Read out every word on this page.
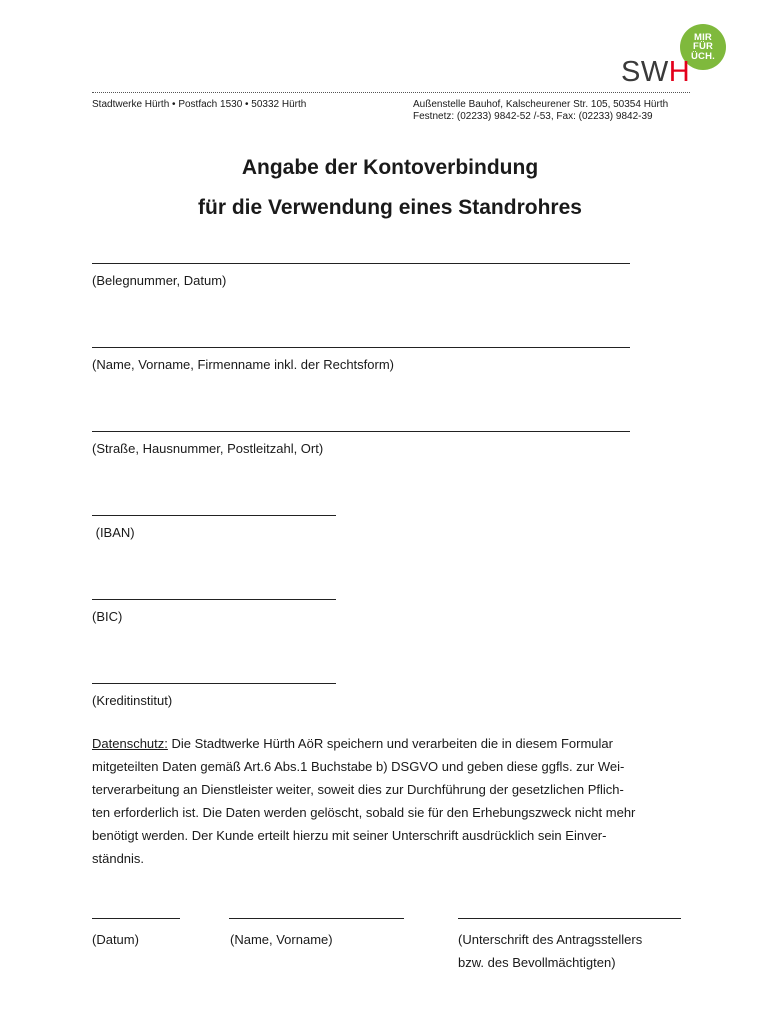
MIR
FÜR
ÜCH.
SWH
Stadtwerke Hürth • Postfach 1530 • 50332 Hürth	Außenstelle Bauhof, Kalscheurener Str. 105, 50354 Hürth
Festnetz: (02233) 9842-52 /-53, Fax: (02233) 9842-39
Angabe der Kontoverbindung
für die Verwendung eines Standrohres
(Belegnummer, Datum)
(Name, Vorname, Firmenname inkl. der Rechtsform)
(Straße, Hausnummer, Postleitzahl, Ort)
(IBAN)
(BIC)
(Kreditinstitut)
Datenschutz: Die Stadtwerke Hürth AöR speichern und verarbeiten die in diesem Formular
mitgeteilten Daten gemäß Art.6 Abs.1 Buchstabe b) DSGVO und geben diese ggfls. zur Wei-
terverarbeitung an Dienstleister weiter, soweit dies zur Durchführung der gesetzlichen Pflich-
ten erforderlich ist. Die Daten werden gelöscht, sobald sie für den Erhebungszweck nicht mehr
benötigt werden. Der Kunde erteilt hierzu mit seiner Unterschrift ausdrücklich sein Einver-
ständnis.
(Datum)	(Name, Vorname)	(Unterschrift des Antragsstellers
bzw. des Bevollmächtigten)
